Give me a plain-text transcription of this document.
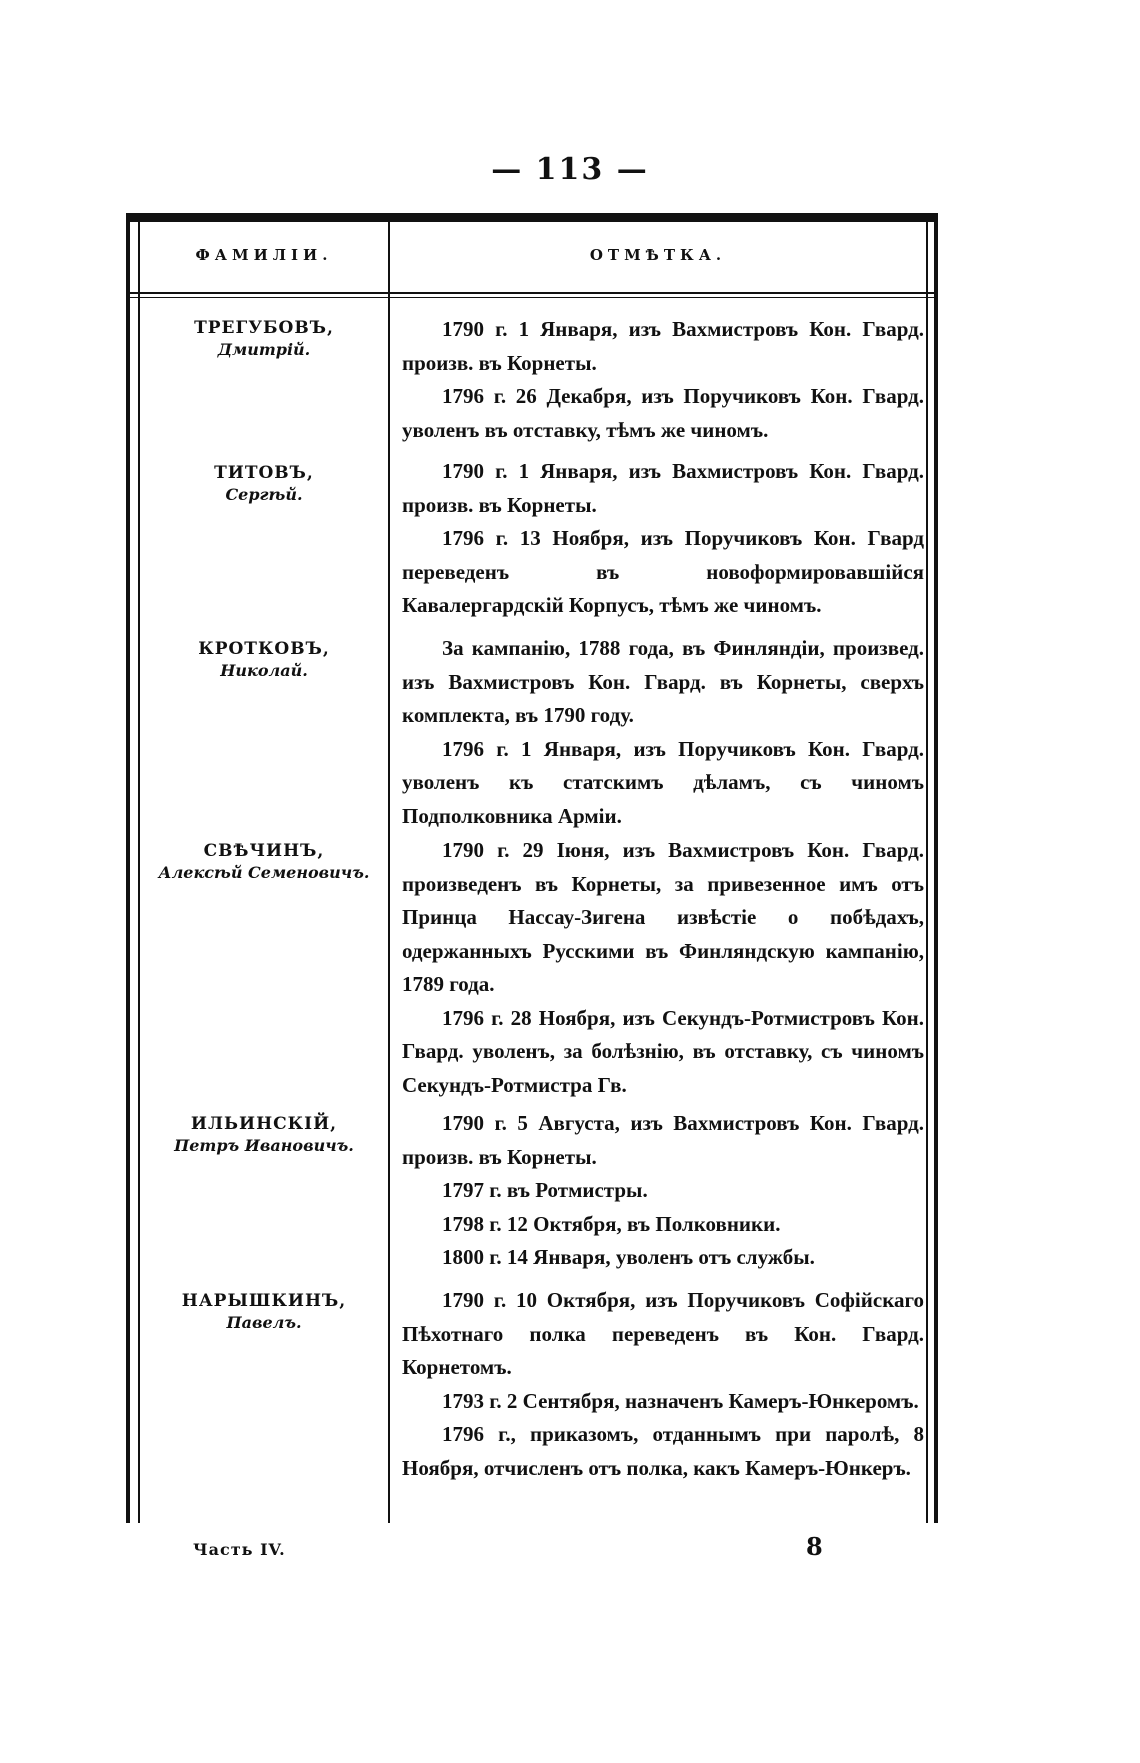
— 113 —
ФАМИЛІИ.	ОТМѢТКА.
ТРЕГУБОВЪ,
Дмитрій.

1790 г. 1 Января, изъ Вахмистровъ Кон. Гвард. произв. въ Корнеты.

1796 г. 26 Декабря, изъ Поручиковъ Кон. Гвард. уволенъ въ отставку, тѣмъ же чиномъ.

ТИТОВЪ,
Сергѣй.

1790 г. 1 Января, изъ Вахмистровъ Кон. Гвард. произв. въ Корнеты.

1796 г. 13 Ноября, изъ Поручиковъ Кон. Гвард переведенъ въ новоформировавшійся Кавалергардскій Корпусъ, тѣмъ же чиномъ.

КРОТКОВЪ,
Николай.

За кампанію, 1788 года, въ Финляндіи, произвед. изъ Вахмистровъ Кон. Гвард. въ Корнеты, сверхъ комплекта, въ 1790 году.

1796 г. 1 Января, изъ Поручиковъ Кон. Гвард. уволенъ къ статскимъ дѣламъ, съ чиномъ Подполковника Арміи.

СВѢЧИНЪ,
Алексѣй Семеновичъ.

1790 г. 29 Іюня, изъ Вахмистровъ Кон. Гвард. произведенъ въ Корнеты, за привезенное имъ отъ Принца Нассау-Зигена извѣстіе о побѣдахъ, одержанныхъ Русскими въ Финляндскую кампанію, 1789 года.

1796 г. 28 Ноября, изъ Секундъ-Ротмистровъ Кон. Гвард. уволенъ, за болѣзнію, въ отставку, съ чиномъ Секундъ-Ротмистра Гв.

ИЛЬИНСКІЙ,
Петръ Ивановичъ.

1790 г. 5 Августа, изъ Вахмистровъ Кон. Гвард. произв. въ Корнеты.

1797 г. въ Ротмистры.

1798 г. 12 Октября, въ Полковники.

1800 г. 14 Января, уволенъ отъ службы.

НАРЫШКИНЪ,
Павелъ.

1790 г. 10 Октября, изъ Поручиковъ Софійскаго Пѣхотнаго полка переведенъ въ Кон. Гвард. Корнетомъ.

1793 г. 2 Сентября, назначенъ Камеръ-Юнкеромъ.

1796 г., приказомъ, отданнымъ при паролѣ, 8 Ноября, отчисленъ отъ полка, какъ Камеръ-Юнкеръ.

Часть IV.	8
